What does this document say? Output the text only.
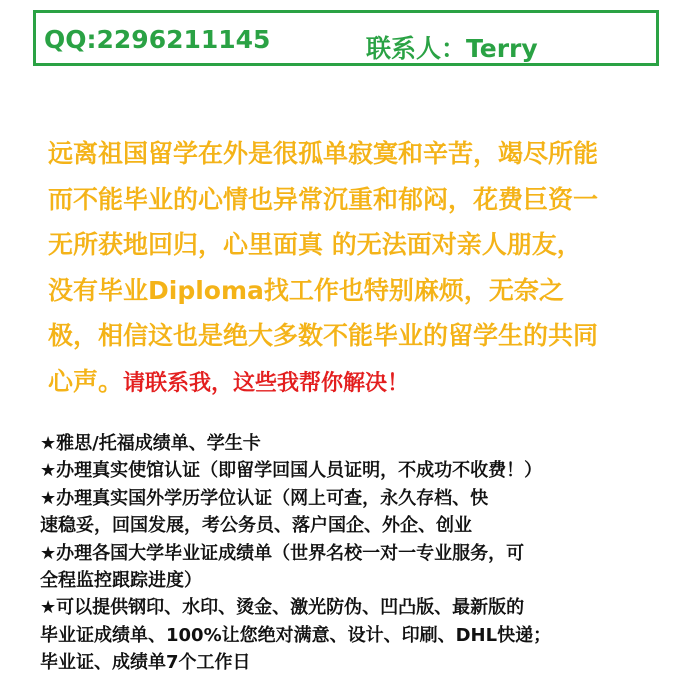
QQ:2296211145	联系人：Terry
远离祖国留学在外是很孤单寂寞和辛苦，竭尽所能
而不能毕业的心情也异常沉重和郁闷，花费巨资一
无所获地回归，心里面真 的无法面对亲人朋友，
没有毕业Diploma找工作也特别麻烦，无奈之
极，相信这也是绝大多数不能毕业的留学生的共同
心声。请联系我，这些我帮你解决！
★雅思/托福成绩单、学生卡
★办理真实使馆认证（即留学回国人员证明，不成功不收费！）
★办理真实国外学历学位认证（网上可查，永久存档、快
速稳妥，回国发展，考公务员、落户国企、外企、创业
★办理各国大学毕业证成绩单（世界名校一对一专业服务，可
全程监控跟踪进度）
★可以提供钢印、水印、烫金、激光防伪、凹凸版、最新版的
毕业证成绩单、100%让您绝对满意、设计、印刷、DHL快递；
毕业证、成绩单7个工作日
